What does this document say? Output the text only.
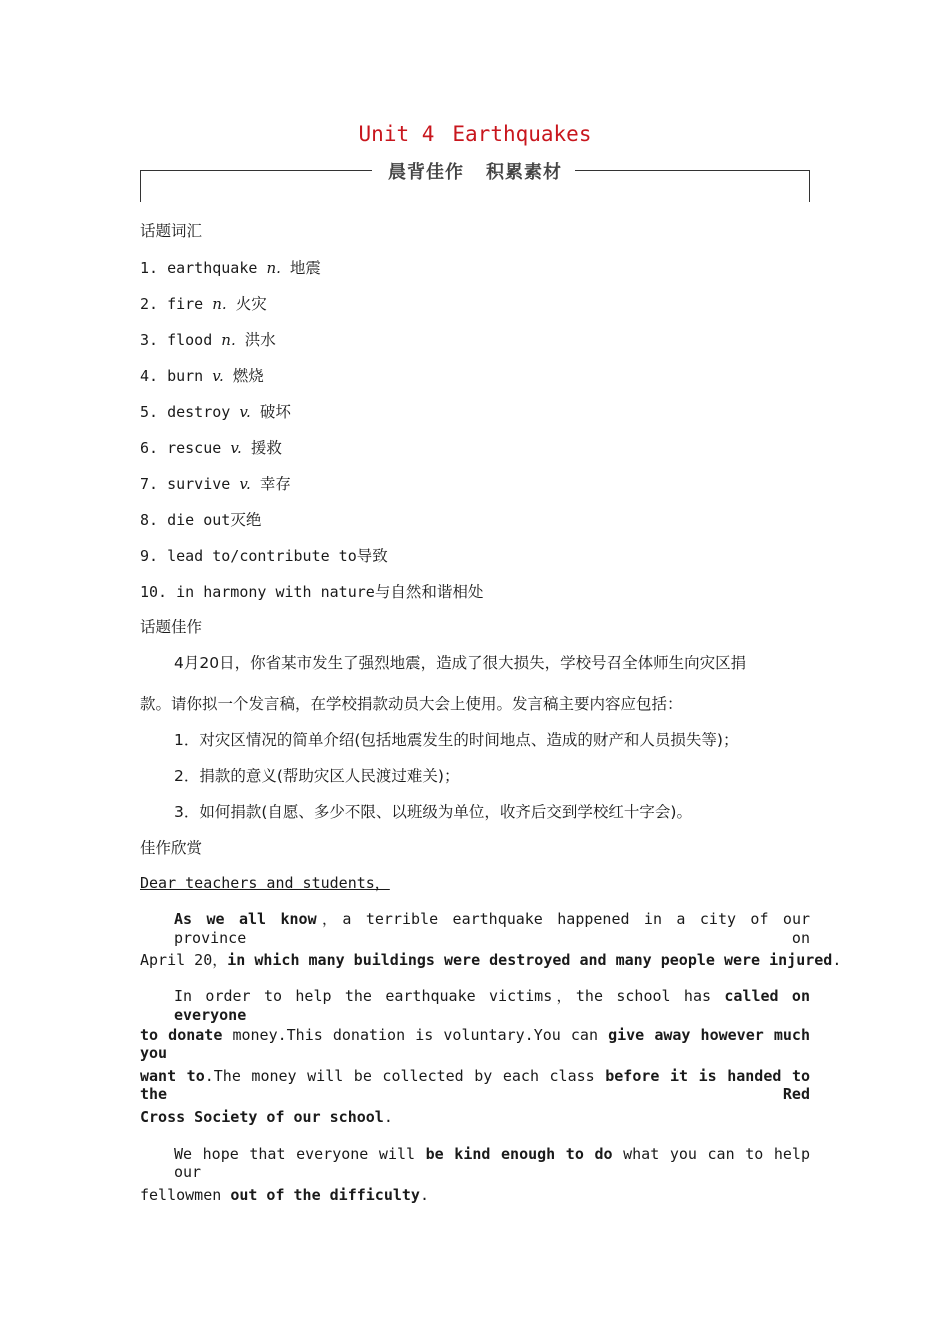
Unit 4 Earthquakes
晨背佳作 积累素材
话题词汇
1. earthquake n. 地震
2. fire n. 火灾
3. flood n. 洪水
4. burn v. 燃烧
5. destroy v. 破坏
6. rescue v. 援救
7. survive v. 幸存
8. die out灭绝
9. lead to/contribute to导致
10. in harmony with nature与自然和谐相处
话题佳作
4月20日，你省某市发生了强烈地震，造成了很大损失，学校号召全体师生向灾区捐
款。请你拟一个发言稿，在学校捐款动员大会上使用。发言稿主要内容应包括：
1．对灾区情况的简单介绍(包括地震发生的时间地点、造成的财产和人员损失等)；
2．捐款的意义(帮助灾区人民渡过难关)；
3．如何捐款(自愿、多少不限、以班级为单位，收齐后交到学校红十字会)。
佳作欣赏
Dear teachers and students，
As we all know，a terrible earthquake happened in a city of our province on
April 20，in which many buildings were destroyed and many people were injured.
In order to help the earthquake victims，the school has called on everyone
to donate money.This donation is voluntary.You can give away however much you
want to.The money will be collected by each class before it is handed to the Red
Cross Society of our school.
We hope that everyone will be kind enough to do what you can to help our
fellowmen out of the difficulty.
